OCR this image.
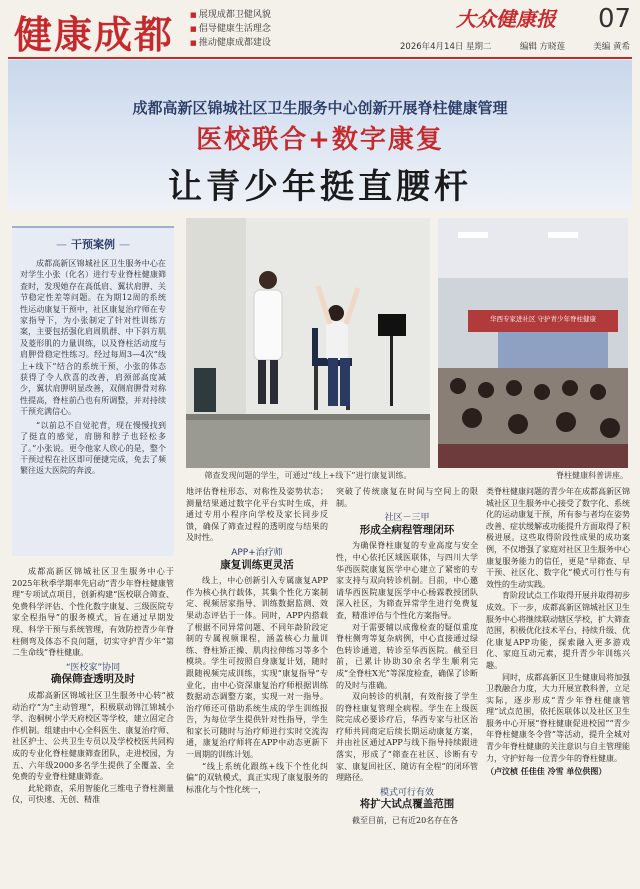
健康成都
■	展现成都卫健风貌
■ 倡导健康生活理念
■ 推动健康成都建设
大众健康报 07
2026年4月14日 星期二	编辑 方晓莲	美编 黄希
成都高新区锦城社区卫生服务中心创新开展脊柱健康管理
医校联合+数字康复
让青少年挺直腰杆
— 干预案例 —

成都高新区锦城社区卫生服务中心在对学生小张（化名）进行专业脊柱健康筛查时，发现她存在高低肩、翼状肩胛、关节稳定性差等问题。在为期12周的系统性运动康复干预中，社区康复治疗师在专家指导下，为小张制定了针对性训练方案，主要包括强化肩周肌群、中下斜方肌及菱形肌的力量训练，以及脊柱活动度与肩胛骨稳定性练习。经过每周3—4次“线上+线下”结合的系统干预，小张的体态获得了令人欣喜的改善，肩颈部高度减少，翼状肩胛明显改善，双侧肩胛骨对称性提高，脊柱前凸也有所调整，并对持续干预充满信心。

“以前总不自觉驼背，现在慢慢找到了挺直的感觉，肩膀和脖子也轻松多了。”小张说。更令他家人欣心的是，整个干预过程在社区即可便捷完成，免去了频繁往返大医院的奔波。

成都高新区锦城社区卫生服务中心于2025年秋季学期率先启动“青少年脊柱健康管理”专项试点项目，创新构建“医校联合筛查、免费科学评估、个性化数字康复、三级医院专家全程指导”的服务模式，旨在通过早期发现、科学干预与系统管理，有效防控青少年脊柱侧弯及体态不良问题，切实守护青少年“第二生命线”脊柱健康。

“医校家”协同
确保筛查透明及时

成都高新区锦城社区卫生服务中心转“被动治疗”为“主动管理”，积极联动锦江锦城小学、泡桐树小学天府校区等学校，建立固定合作机制。组建由中心全科医生、康复治疗师、社区护士、公共卫生专员以及学校校医共同构成的专业化脊柱健康筛查团队，走进校园，为五、六年级2000多名学生提供了全覆盖、全免费的专业脊柱健康筛查。

此轮筛查，采用智能化三维电子脊柱测量仪，可快速、无创、精准

筛查发现问题的学生，可通过“线上+线下”进行康复训练。
华西专家进社区 守护青少年脊柱健康
脊柱健康科普讲座。

地评估脊柱形态、对称性及姿势状态；测量结果通过数字化平台实时生成，并通过专用小程序向学校及家长同步反馈，确保了筛查过程的透明度与结果的及时性。

APP+治疗师
康复训练更灵活

线上，中心创新引入专属康复APP作为核心执行载体，其集个性化方案制定、视频居家指导、训练数据监测、效果动态评估于一体。同时，APP内搭载了根据不同异常问题、不同年龄阶段定制的专属视频课程，涵盖核心力量训练、脊柱矫正操、肌肉拉伸练习等多个模块。学生可按照自身康复计划，随时跟随视频完成训练，实现“康复指导”专业化，由中心资深康复治疗师根据训练数据动态调整方案，实现一对一指导。治疗师还可借助系统生成的学生训练报告，为每位学生提供针对性指导，学生和家长可随时与治疗师进行实时交流沟通，康复治疗师将在APP中动态更新下一周期的训练计划。

“线上系统化跟练+线下个性化纠偏”的双轨模式，真正实现了康复服务的标准化与个性化统一，

突破了传统康复在时间与空间上的限制。

社区－三甲
形成全病程管理闭环

为确保脊柱康复的专业高度与安全性，中心依托区域医联体，与四川大学华西医院康复医学中心建立了紧密的专家支持与双向转诊机制。目前，中心邀请华西医院康复医学中心杨霖教授团队深入社区，为筛查异常学生进行免费复查，精准评估与个性化方案指导。

对于需要辅以成像检查的疑似重度脊柱侧弯等复杂病例，中心直接通过绿色转诊通道，转诊至华西医院。截至目前，已累计协助30余名学生顺利完成“全脊柱X光”等深度检查，确保了诊断的及时与准确。

双向转诊的机制，有效衔接了学生的脊柱康复管理全病程。学生在上级医院完成必要诊疗后，华西专家与社区治疗师共同商定后续长期运动康复方案，并由社区通过APP与线下指导持续跟进落实，形成了“筛查在社区、诊断有专家、康复回社区、随访有全程”的闭环管理路径。

模式可行有效
将扩大试点覆盖范围

截至目前，已有近20名存在各

类脊柱健康问题的青少年在成都高新区锦城社区卫生服务中心接受了数字化、系统化的运动康复干预，所有参与者均在姿势改善、症状缓解或功能提升方面取得了积极进展。这些取得阶段性成果的成功案例，不仅增强了家庭对社区卫生服务中心康复服务能力的信任，更是“早筛查、早干预、社区化、数字化”模式可行性与有效性的生动实践。

育阶段试点工作取得开展并取得初步成效。下一步，成都高新区锦城社区卫生服务中心将继续联动辖区学校，扩大筛查范围，积极优化技术平台，持续升级、优化康复APP功能，探索融入更多游戏化、家庭互动元素，提升青少年训练兴趣。

同时，成都高新区卫生健康局将加强卫教融合力度，大力开展宣教科普，立足实际，逐步形成“青少年脊柱健康管理”试点范围，依托医联体以及社区卫生服务中心开展“脊柱健康促进校园”“青少年脊柱健康冬令营”等活动，提升全城对青少年脊柱健康的关注意识与自主管理能力，守护好每一位青少年的脊柱健康。

（卢汶桢 任佳佳 冷雪 单位供图）
